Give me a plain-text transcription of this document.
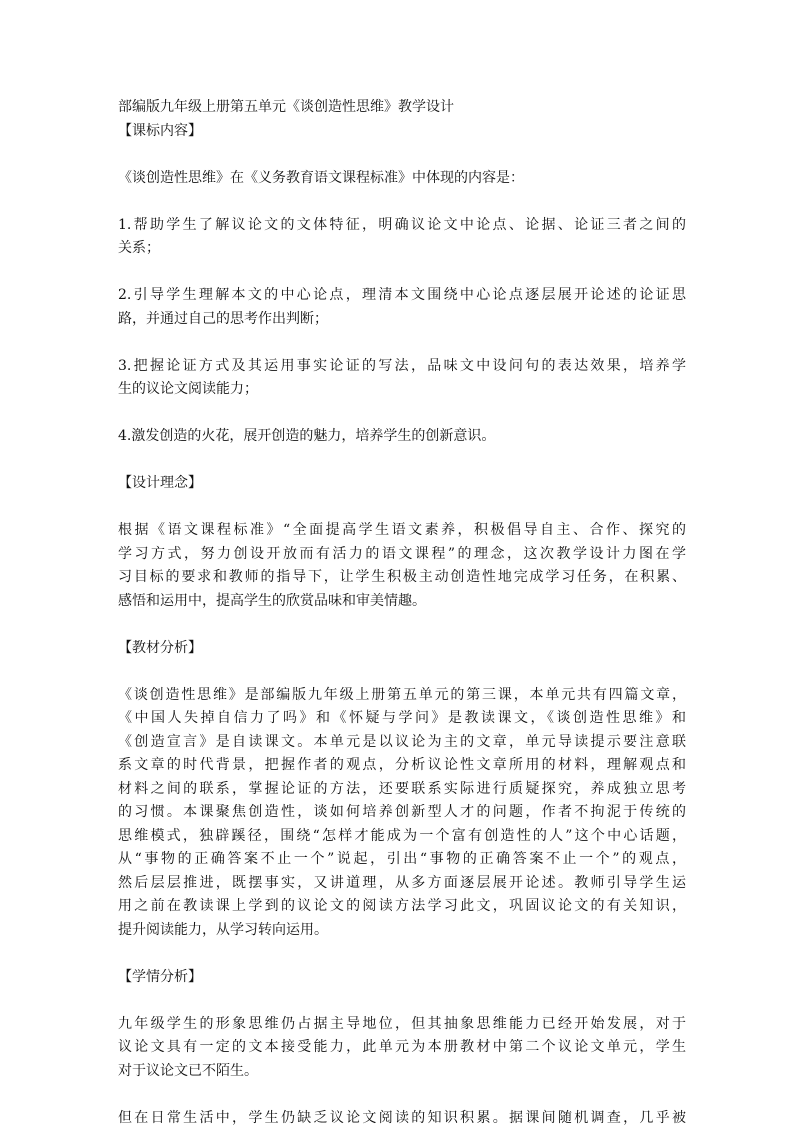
部编版九年级上册第五单元《谈创造性思维》教学设计
【课标内容】
《谈创造性思维》在《义务教育语文课程标准》中体现的内容是：
1.帮助学生了解议论文的文体特征，明确议论文中论点、论据、论证三者之间的
关系；
2.引导学生理解本文的中心论点，理清本文围绕中心论点逐层展开论述的论证思
路，并通过自己的思考作出判断；
3.把握论证方式及其运用事实论证的写法，品味文中设问句的表达效果，培养学
生的议论文阅读能力；
4.激发创造的火花，展开创造的魅力，培养学生的创新意识。
【设计理念】
根据《语文课程标准》“全面提高学生语文素养，积极倡导自主、合作、探究的
学习方式，努力创设开放而有活力的语文课程”的理念，这次教学设计力图在学
习目标的要求和教师的指导下，让学生积极主动创造性地完成学习任务，在积累、
感悟和运用中，提高学生的欣赏品味和审美情趣。
【教材分析】
《谈创造性思维》是部编版九年级上册第五单元的第三课，本单元共有四篇文章，
《中国人失掉自信力了吗》和《怀疑与学问》是教读课文，《谈创造性思维》和
《创造宣言》是自读课文。本单元是以议论为主的文章，单元导读提示要注意联
系文章的时代背景，把握作者的观点，分析议论性文章所用的材料，理解观点和
材料之间的联系，掌握论证的方法，还要联系实际进行质疑探究，养成独立思考
的习惯。本课聚焦创造性，谈如何培养创新型人才的问题，作者不拘泥于传统的
思维模式，独辟蹊径，围绕“怎样才能成为一个富有创造性的人”这个中心话题，
从“事物的正确答案不止一个”说起，引出“事物的正确答案不止一个”的观点，
然后层层推进，既摆事实，又讲道理，从多方面逐层展开论述。教师引导学生运
用之前在教读课上学到的议论文的阅读方法学习此文，巩固议论文的有关知识，
提升阅读能力，从学习转向运用。
【学情分析】
九年级学生的形象思维仍占据主导地位，但其抽象思维能力已经开始发展，对于
议论文具有一定的文本接受能力，此单元为本册教材中第二个议论文单元，学生
对于议论文已不陌生。
但在日常生活中，学生仍缺乏议论文阅读的知识积累。据课间随机调查，几乎被
